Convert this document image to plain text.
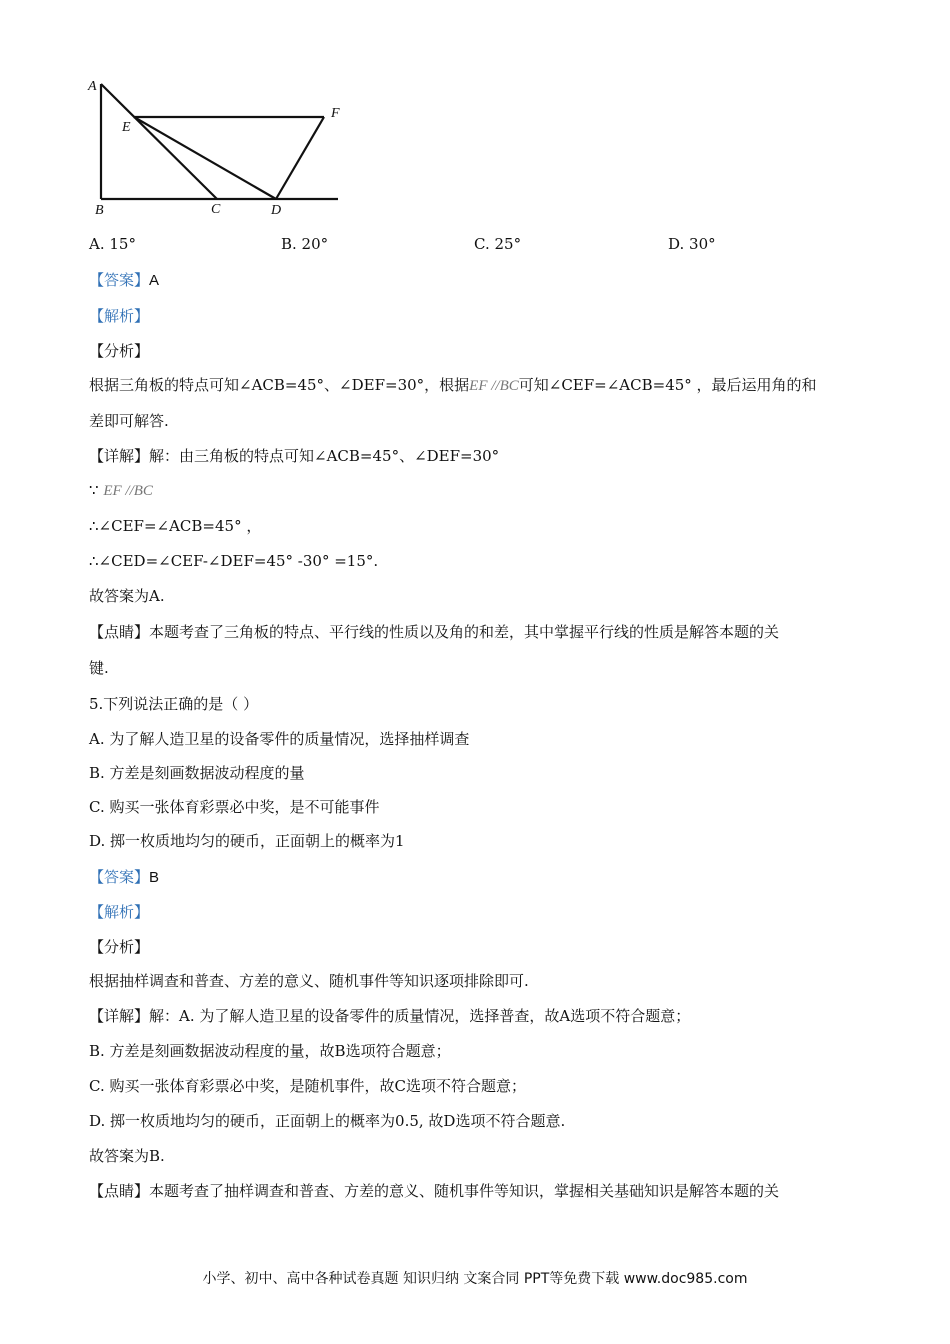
A
E
F
B	C	D
A. 15°	B. 20°	C. 25°	D. 30°
【答案】A
【解析】
【分析】
根据三角板的特点可知∠ACB=45°、∠DEF=30°，根据EF //BC可知∠CEF=∠ACB=45° ，最后运用角的和
差即可解答.
【详解】解：由三角板的特点可知∠ACB=45°、∠DEF=30°
∵ EF //BC
∴∠CEF=∠ACB=45° ，
∴∠CED=∠CEF-∠DEF=45° -30° =15°.
故答案为A.
【点睛】本题考查了三角板的特点、平行线的性质以及角的和差，其中掌握平行线的性质是解答本题的关
键.
5.下列说法正确的是（ ）
A. 为了解人造卫星的设备零件的质量情况，选择抽样调查
B. 方差是刻画数据波动程度的量
C. 购买一张体育彩票必中奖，是不可能事件
D. 掷一枚质地均匀的硬币，正面朝上的概率为1
【答案】B
【解析】
【分析】
根据抽样调查和普查、方差的意义、随机事件等知识逐项排除即可.
【详解】解：A. 为了解人造卫星的设备零件的质量情况，选择普查，故A选项不符合题意；
B. 方差是刻画数据波动程度的量，故B选项符合题意；
C. 购买一张体育彩票必中奖，是随机事件，故C选项不符合题意；
D. 掷一枚质地均匀的硬币，正面朝上的概率为0.5, 故D选项不符合题意.
故答案为B.
【点睛】本题考查了抽样调查和普查、方差的意义、随机事件等知识，掌握相关基础知识是解答本题的关
小学、初中、高中各种试卷真题 知识归纳 文案合同 PPT等免费下载 www.doc985.com
